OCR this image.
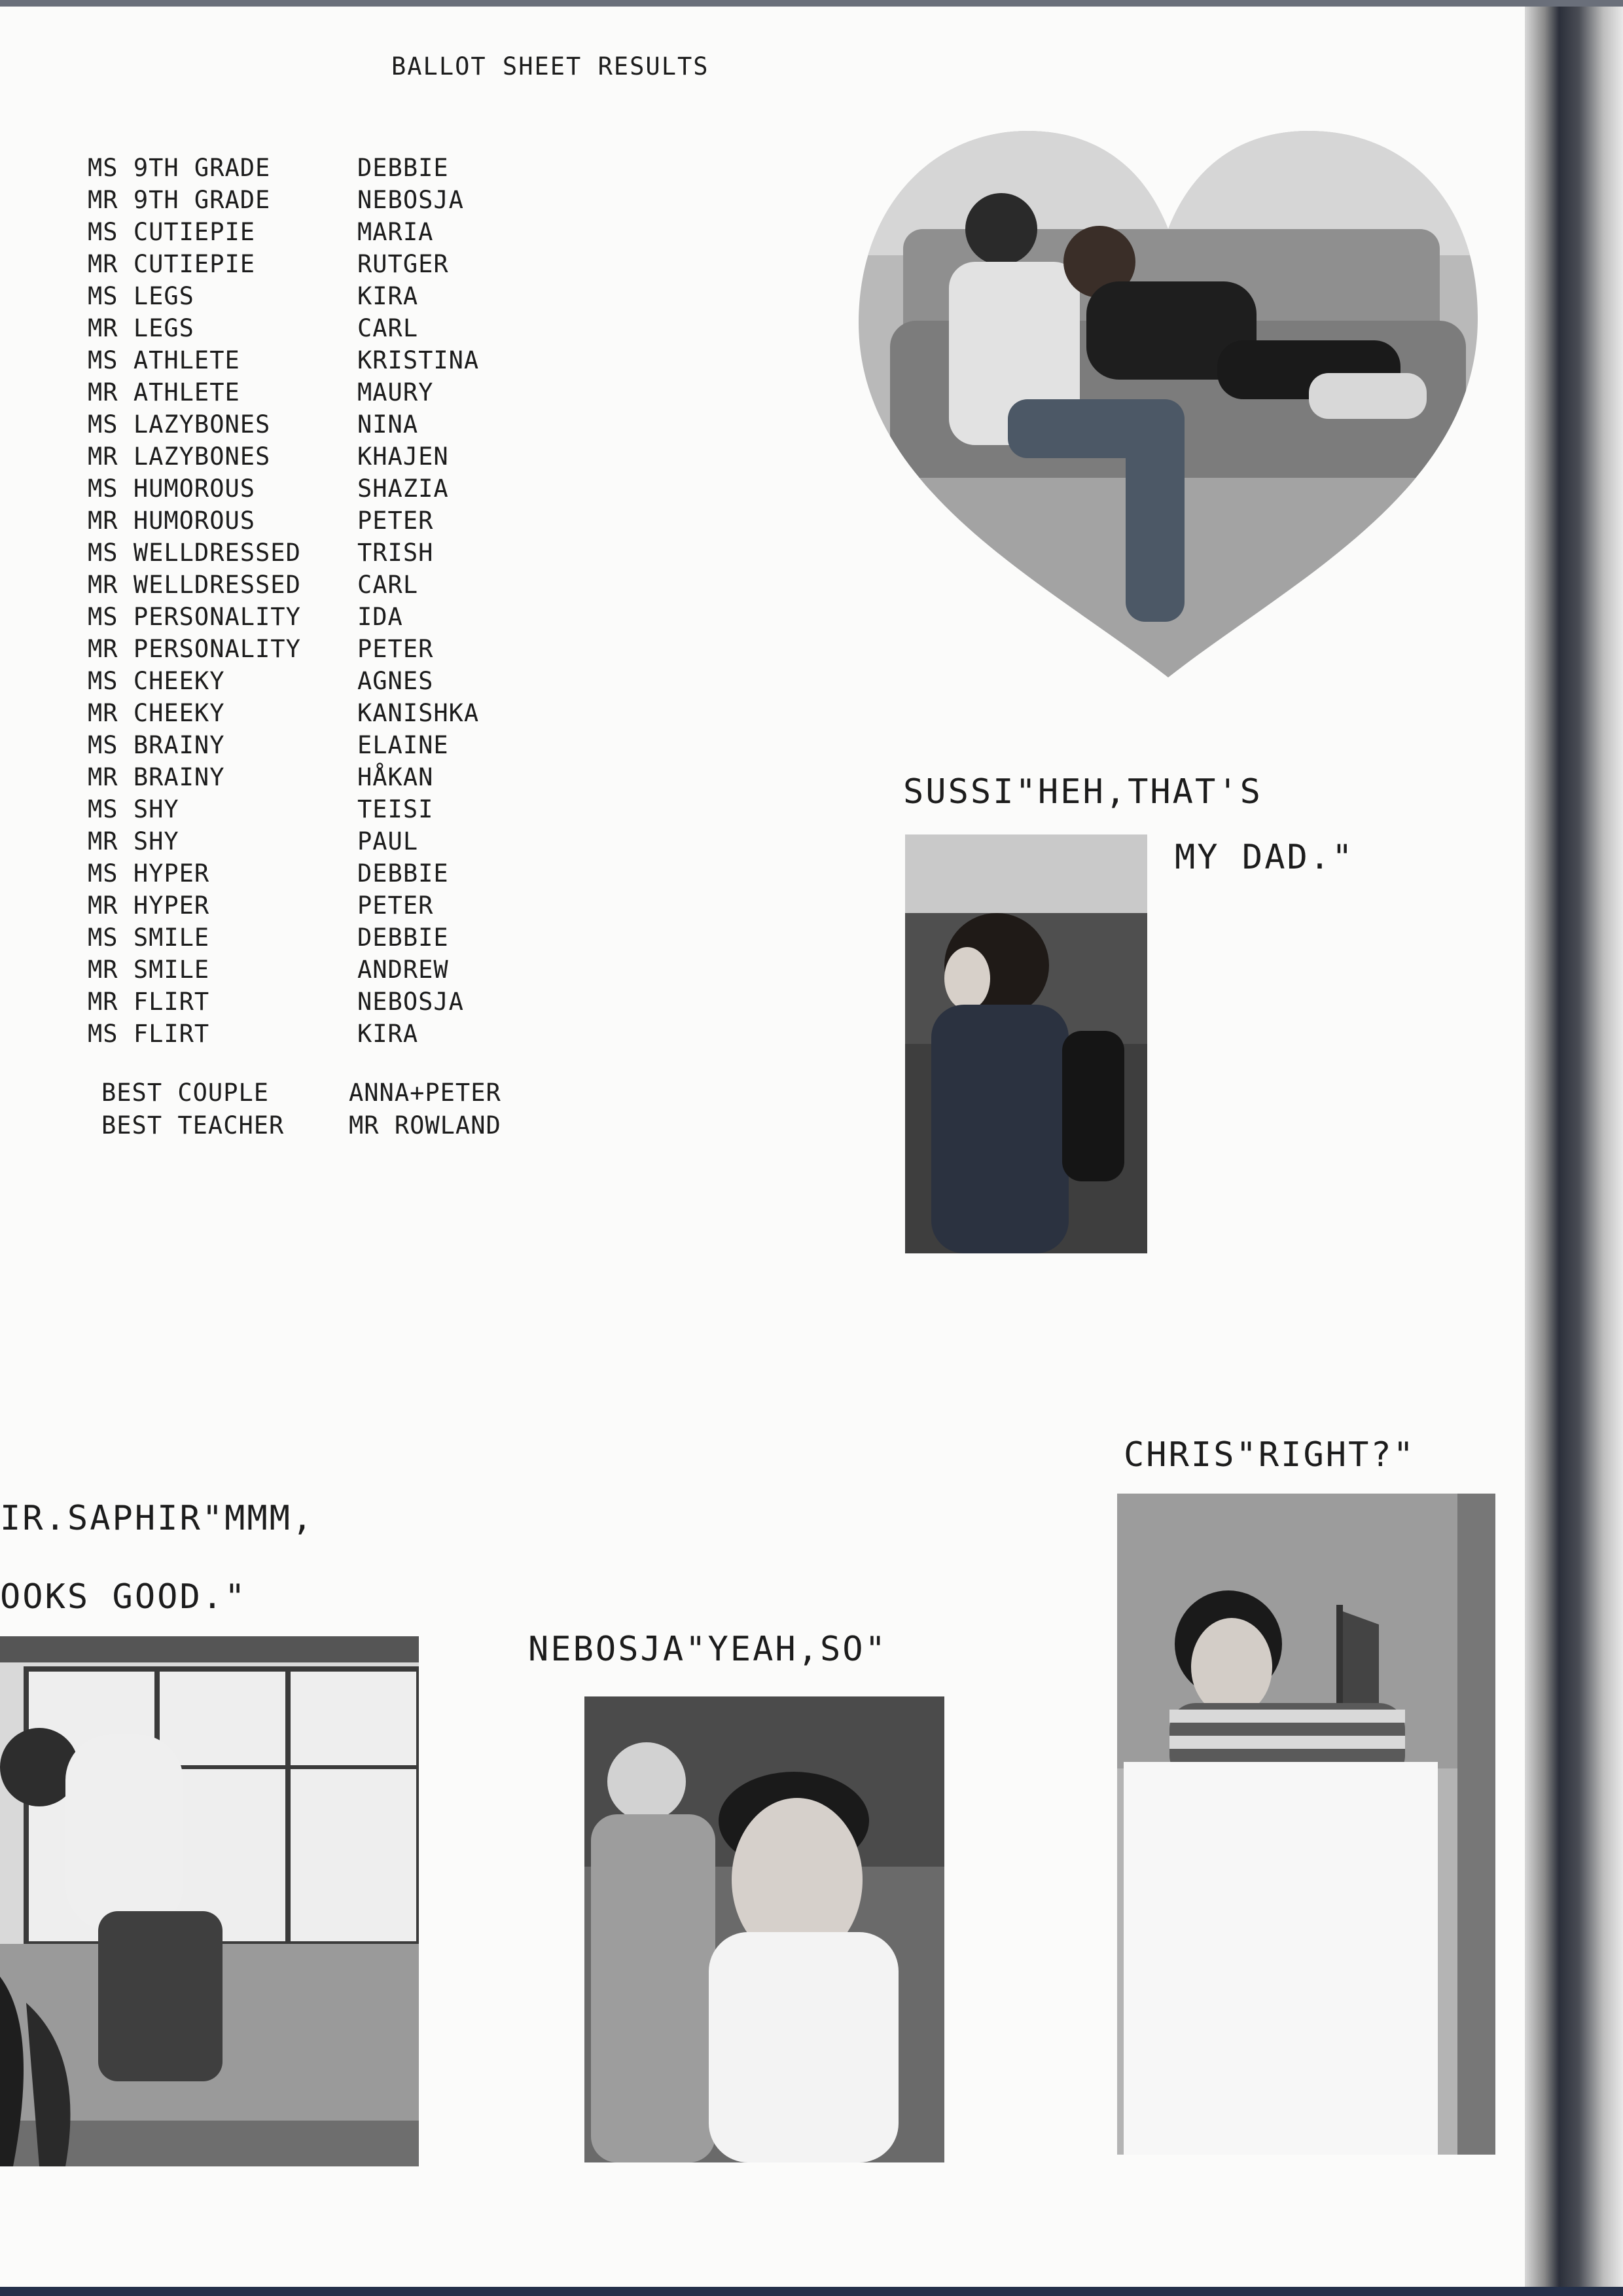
BALLOT SHEET RESULTS
MS 9TH GRADE	DEBBIE
MR 9TH GRADE	NEBOSJA
MS CUTIEPIE	MARIA
MR CUTIEPIE	RUTGER
MS LEGS	KIRA
MR LEGS	CARL
MS ATHLETE	KRISTINA
MR ATHLETE	MAURY
MS LAZYBONES	NINA
MR LAZYBONES	KHAJEN
MS HUMOROUS	SHAZIA
MR HUMOROUS	PETER
MS WELLDRESSED	TRISH
MR WELLDRESSED	CARL
MS PERSONALITY	IDA
MR PERSONALITY	PETER
MS CHEEKY	AGNES
MR CHEEKY	KANISHKA
MS BRAINY	ELAINE
MR BRAINY	HÅKAN
MS SHY	TEISI
MR SHY	PAUL
MS HYPER	DEBBIE
MR HYPER	PETER
MS SMILE	DEBBIE
MR SMILE	ANDREW
MR FLIRT	NEBOSJA
MS FLIRT	KIRA
BEST COUPLE	ANNA+PETER
BEST TEACHER	MR ROWLAND
SUSSI"HEH,THAT'S
MY DAD."
IR.SAPHIR"MMM,
OOKS GOOD."
NEBOSJA"YEAH,SO"
CHRIS"RIGHT?"
